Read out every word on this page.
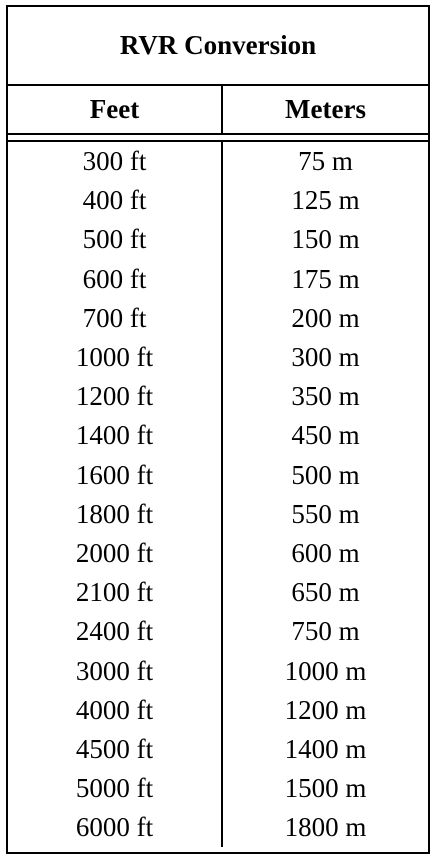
RVR Conversion
Feet	Meters
300 ft	75 m
400 ft	125 m
500 ft	150 m
600 ft	175 m
700 ft	200 m
1000 ft	300 m
1200 ft	350 m
1400 ft	450 m
1600 ft	500 m
1800 ft	550 m
2000 ft	600 m
2100 ft	650 m
2400 ft	750 m
3000 ft	1000 m
4000 ft	1200 m
4500 ft	1400 m
5000 ft	1500 m
6000 ft	1800 m
